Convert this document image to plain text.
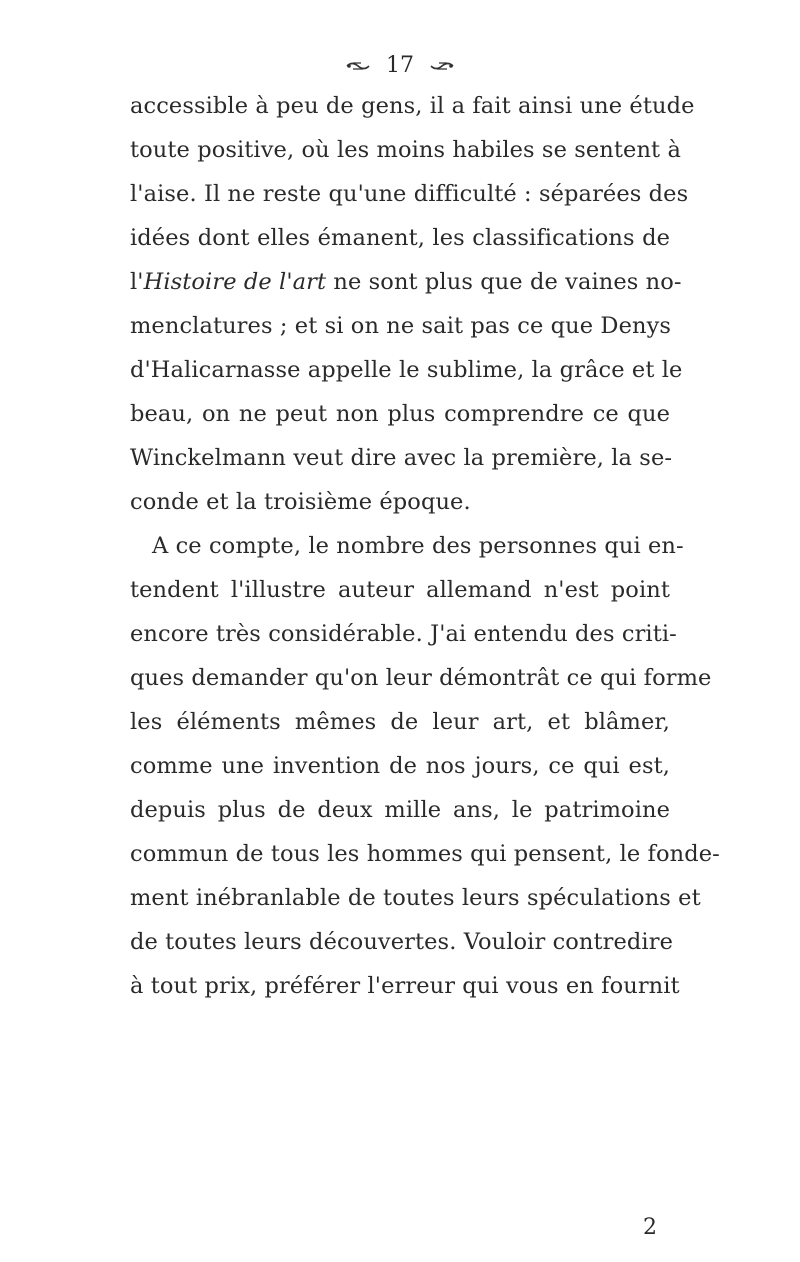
17
accessible à peu de gens, il a fait ainsi une étude
toute positive, où les moins habiles se sentent à
l'aise. Il ne reste qu'une difficulté : séparées des
idées dont elles émanent, les classifications de
l'Histoire de l'art ne sont plus que de vaines no-
menclatures ; et si on ne sait pas ce que Denys
d'Halicarnasse appelle le sublime, la grâce et le
beau, on ne peut non plus comprendre ce que
Winckelmann veut dire avec la première, la se-
conde et la troisième époque.
A ce compte, le nombre des personnes qui en-
tendent l'illustre auteur allemand n'est point
encore très considérable. J'ai entendu des criti-
ques demander qu'on leur démontrât ce qui forme
les éléments mêmes de leur art, et blâmer,
comme une invention de nos jours, ce qui est,
depuis plus de deux mille ans, le patrimoine
commun de tous les hommes qui pensent, le fonde-
ment inébranlable de toutes leurs spéculations et
de toutes leurs découvertes. Vouloir contredire
à tout prix, préférer l'erreur qui vous en fournit
2
